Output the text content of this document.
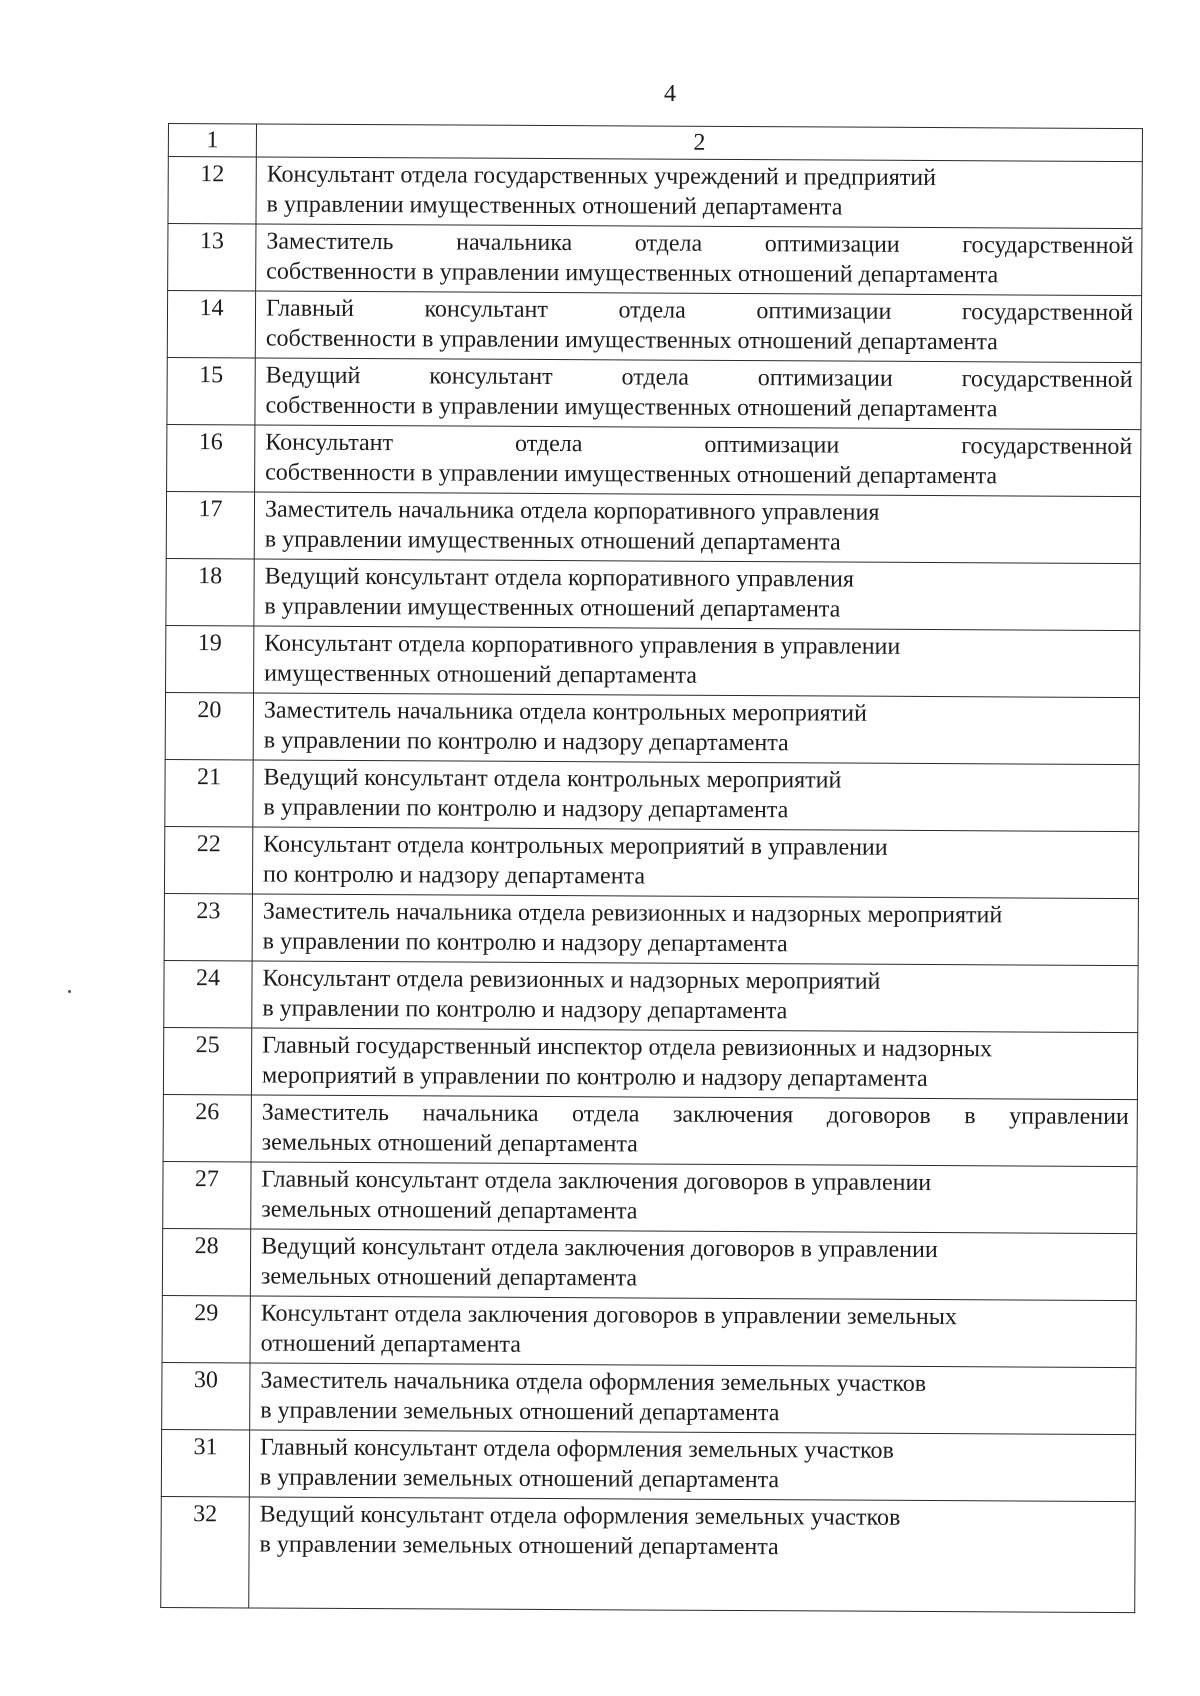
4
1	2
12	Консультант отдела государственных учреждений и предприятий
в управлении имущественных отношений департамента

13	Заместитель начальника отдела оптимизации государственной
собственности в управлении имущественных отношений департамента

14	Главный консультант отдела оптимизации государственной
собственности в управлении имущественных отношений департамента

15	Ведущий консультант отдела оптимизации государственной
собственности в управлении имущественных отношений департамента

16	Консультант отдела оптимизации государственной
собственности в управлении имущественных отношений департамента

17	Заместитель начальника отдела корпоративного управления
в управлении имущественных отношений департамента

18	Ведущий консультант отдела корпоративного управления
в управлении имущественных отношений департамента

19	Консультант отдела корпоративного управления в управлении
имущественных отношений департамента

20	Заместитель начальника отдела контрольных мероприятий
в управлении по контролю и надзору департамента

21	Ведущий консультант отдела контрольных мероприятий
в управлении по контролю и надзору департамента

22	Консультант отдела контрольных мероприятий в управлении
по контролю и надзору департамента

23	Заместитель начальника отдела ревизионных и надзорных мероприятий
в управлении по контролю и надзору департамента

24	Консультант отдела ревизионных и надзорных мероприятий
в управлении по контролю и надзору департамента

25	Главный государственный инспектор отдела ревизионных и надзорных
мероприятий в управлении по контролю и надзору департамента

26	Заместитель начальника отдела заключения договоров в управлении
земельных отношений департамента

27	Главный консультант отдела заключения договоров в управлении
земельных отношений департамента

28	Ведущий консультант отдела заключения договоров в управлении
земельных отношений департамента

29	Консультант отдела заключения договоров в управлении земельных
отношений департамента

30	Заместитель начальника отдела оформления земельных участков
в управлении земельных отношений департамента

31	Главный консультант отдела оформления земельных участков
в управлении земельных отношений департамента

32	Ведущий консультант отдела оформления земельных участков
в управлении земельных отношений департамента
